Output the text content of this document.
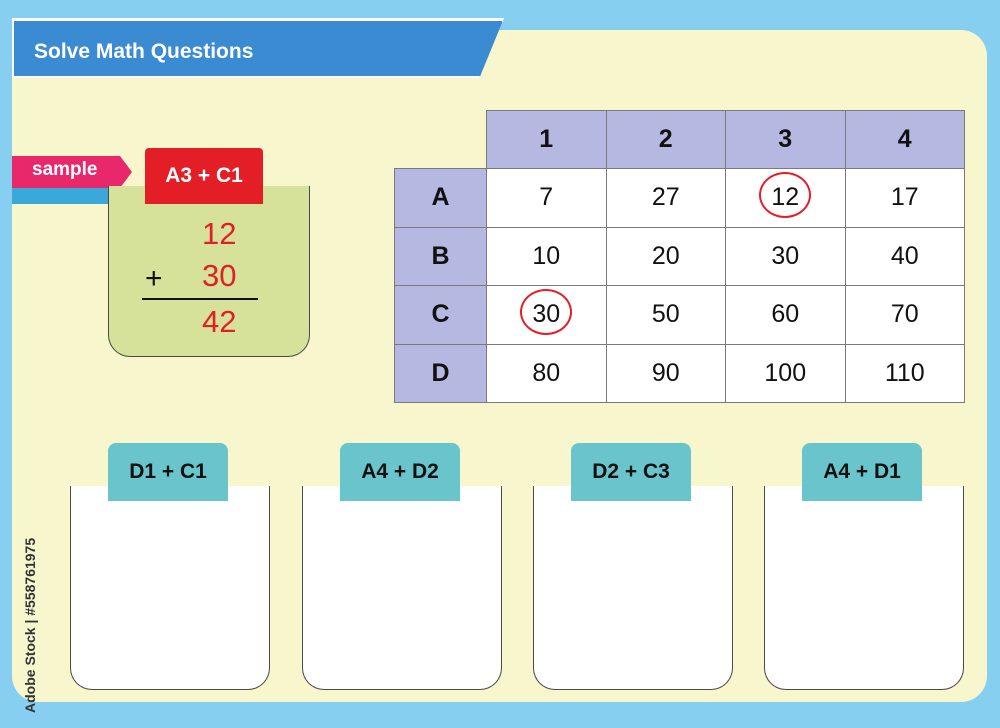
Solve Math Questions
sample	A3 + C1
12
+ 30
42
1	2	3	4
A	7	27	12	17
B	10	20	30	40
C	30	50	60	70
D	80	90	100	110
D1 + C1	A4 + D2	D2 + C3	A4 + D1
Adobe Stock | #558761975
